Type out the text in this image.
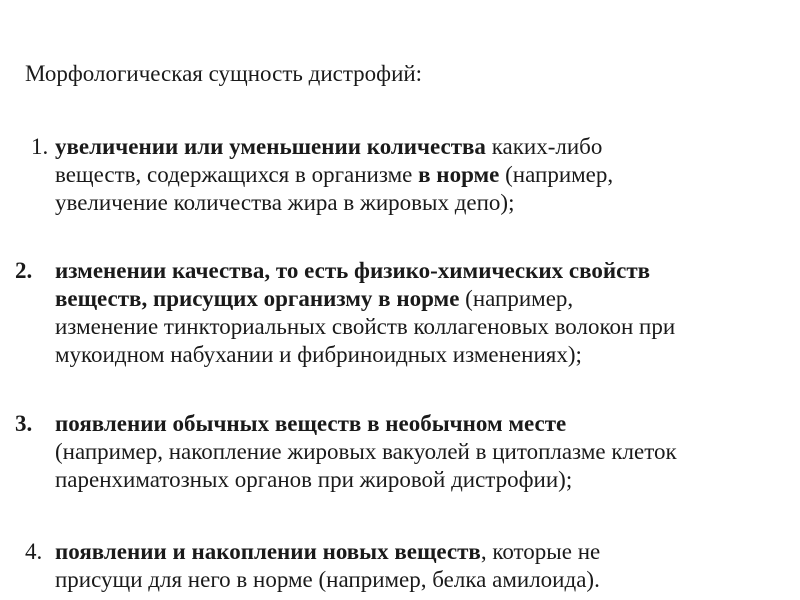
Морфологическая сущность дистрофий:
1. увеличении или уменьшении количества каких-либо
веществ, содержащихся в организме в норме (например,
увеличение количества жира в жировых депо);
2. изменении качества, то есть физико-химических свойств
веществ, присущих организму в норме (например,
изменение тинкториальных свойств коллагеновых волокон при
мукоидном набухании и фибриноидных изменениях);
3. появлении обычных веществ в необычном месте
(например, накопление жировых вакуолей в цитоплазме клеток
паренхиматозных органов при жировой дистрофии);
4. появлении и накоплении новых веществ, которые не
присущи для него в норме (например, белка амилоида).
